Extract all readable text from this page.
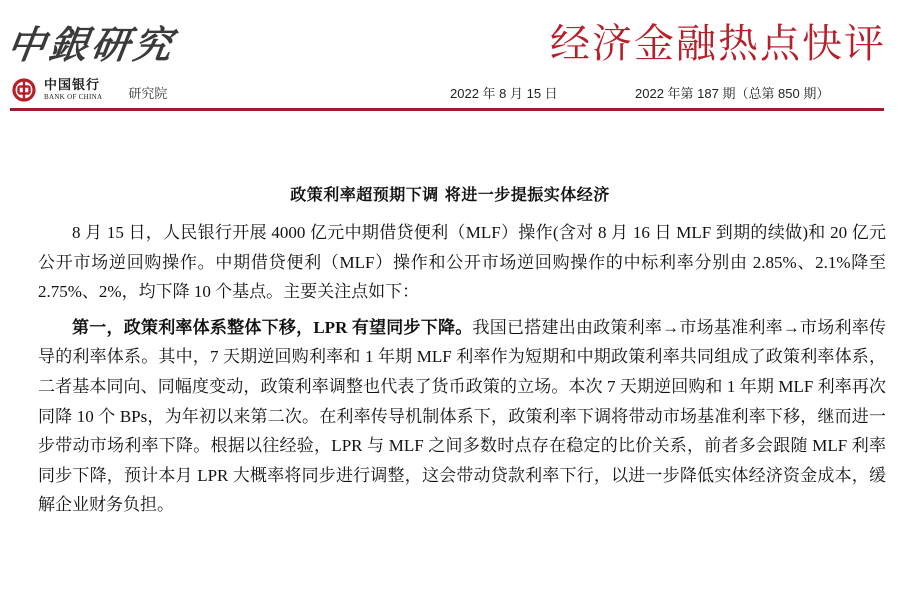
中銀研究	经济金融热点快评
中国银行
BANK OF CHINA 研究院	2022 年 8 月 15 日	2022 年第 187 期（总第 850 期）
政策利率超预期下调 将进一步提振实体经济

8 月 15 日，人民银行开展 4000 亿元中期借贷便利（MLF）操作(含对 8 月 16 日 MLF 到期的续做)和 20 亿元公开市场逆回购操作。中期借贷便利（MLF）操作和公开市场逆回购操作的中标利率分别由 2.85%、2.1%降至 2.75%、2%，均下降 10 个基点。主要关注点如下：

第一，政策利率体系整体下移，LPR 有望同步下降。我国已搭建出由政策利率→市场基准利率→市场利率传导的利率体系。其中，7 天期逆回购利率和 1 年期 MLF 利率作为短期和中期政策利率共同组成了政策利率体系，二者基本同向、同幅度变动，政策利率调整也代表了货币政策的立场。本次 7 天期逆回购和 1 年期 MLF 利率再次同降 10 个 BPs，为年初以来第二次。在利率传导机制体系下，政策利率下调将带动市场基准利率下移，继而进一步带动市场利率下降。根据以往经验，LPR 与 MLF 之间多数时点存在稳定的比价关系，前者多会跟随 MLF 利率同步下降，预计本月 LPR 大概率将同步进行调整，这会带动贷款利率下行，以进一步降低实体经济资金成本，缓解企业财务负担。
